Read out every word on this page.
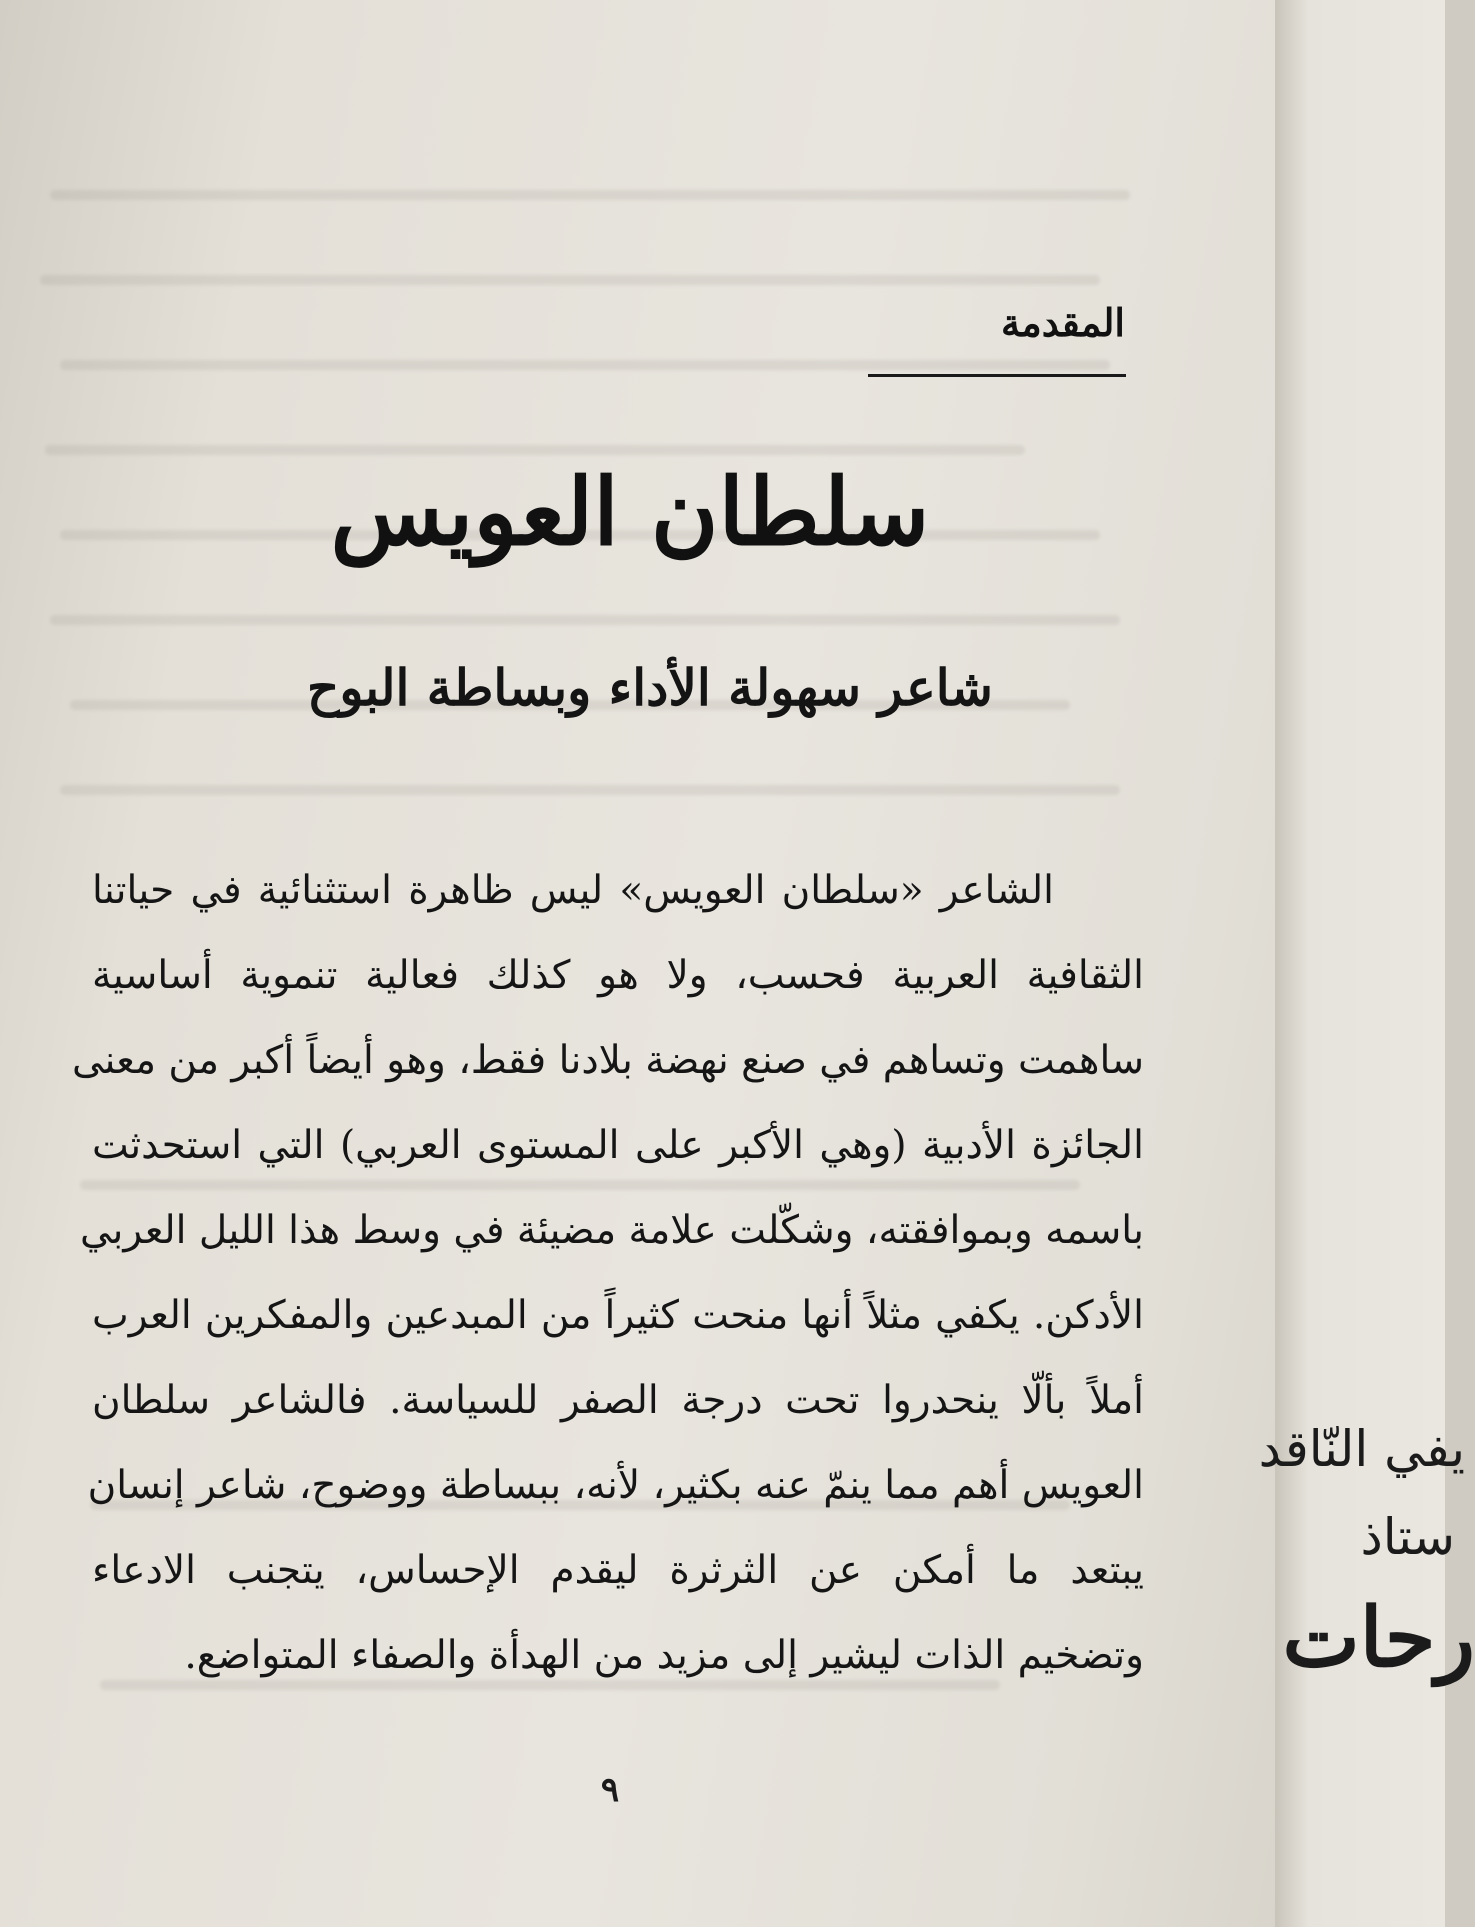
المقدمة
سلطان العويس
شاعر سهولة الأداء وبساطة البوح
الشاعر «سلطان العويس» ليس ظاهرة استثنائية في حياتنا
الثقافية العربية فحسب، ولا هو كذلك فعالية تنموية أساسية
ساهمت وتساهم في صنع نهضة بلادنا فقط، وهو أيضاً أكبر من معنى
الجائزة الأدبية (وهي الأكبر على المستوى العربي) التي استحدثت
باسمه وبموافقته، وشكّلت علامة مضيئة في وسط هذا الليل العربي
الأدكن. يكفي مثلاً أنها منحت كثيراً من المبدعين والمفكرين العرب
أملاً بألّا ينحدروا تحت درجة الصفر للسياسة. فالشاعر سلطان
العويس أهم مما ينمّ عنه بكثير، لأنه، ببساطة ووضوح، شاعر إنسان
يبتعد ما أمكن عن الثرثرة ليقدم الإحساس، يتجنب الادعاء
وتضخيم الذات ليشير إلى مزيد من الهدأة والصفاء المتواضع.
٩
يفي النّاقد
ستاذ
رحات
